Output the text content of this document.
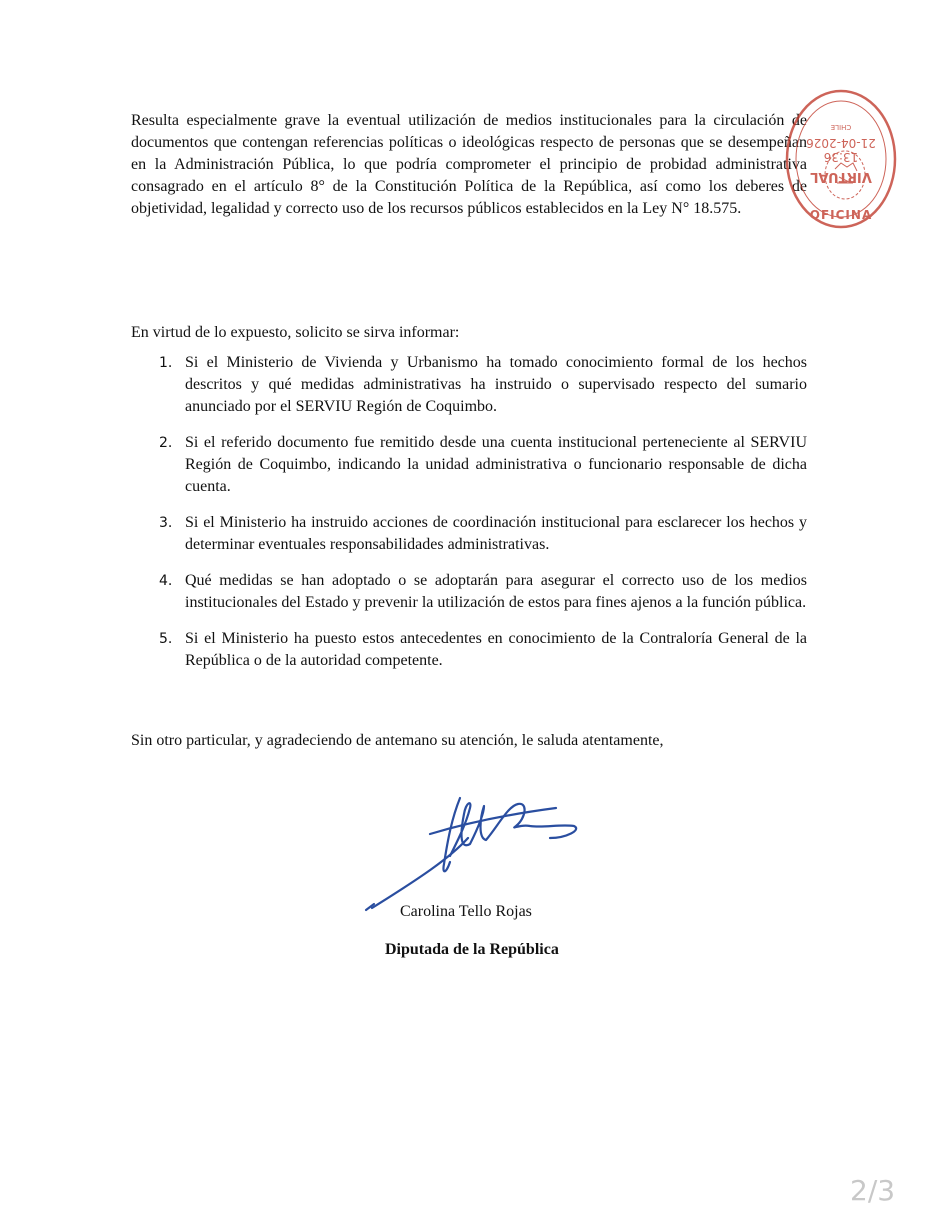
Resulta especialmente grave la eventual utilización de medios institucionales para la circulación de documentos que contengan referencias políticas o ideológicas respecto de personas que se desempeñan en la Administración Pública, lo que podría comprometer el principio de probidad administrativa consagrado en el artículo 8° de la Constitución Política de la República, así como los deberes de objetividad, legalidad y correcto uso de los recursos públicos establecidos en la Ley N° 18.575.

En virtud de lo expuesto, solicito se sirva informar:

1. Si el Ministerio de Vivienda y Urbanismo ha tomado conocimiento formal de los hechos descritos y qué medidas administrativas ha instruido o supervisado respecto del sumario anunciado por el SERVIU Región de Coquimbo.
2. Si el referido documento fue remitido desde una cuenta institucional perteneciente al SERVIU Región de Coquimbo, indicando la unidad administrativa o funcionario responsable de dicha cuenta.
3. Si el Ministerio ha instruido acciones de coordinación institucional para esclarecer los hechos y determinar eventuales responsabilidades administrativas.
4. Qué medidas se han adoptado o se adoptarán para asegurar el correcto uso de los medios institucionales del Estado y prevenir la utilización de estos para fines ajenos a la función pública.
5. Si el Ministerio ha puesto estos antecedentes en conocimiento de la Contraloría General de la República o de la autoridad competente.

Sin otro particular, y agradeciendo de antemano su atención, le saluda atentamente,

Carolina Tello Rojas
Diputada de la República
VIRTUAL
13:36
21-04-2026
CHILE
OFICINA
2/3
